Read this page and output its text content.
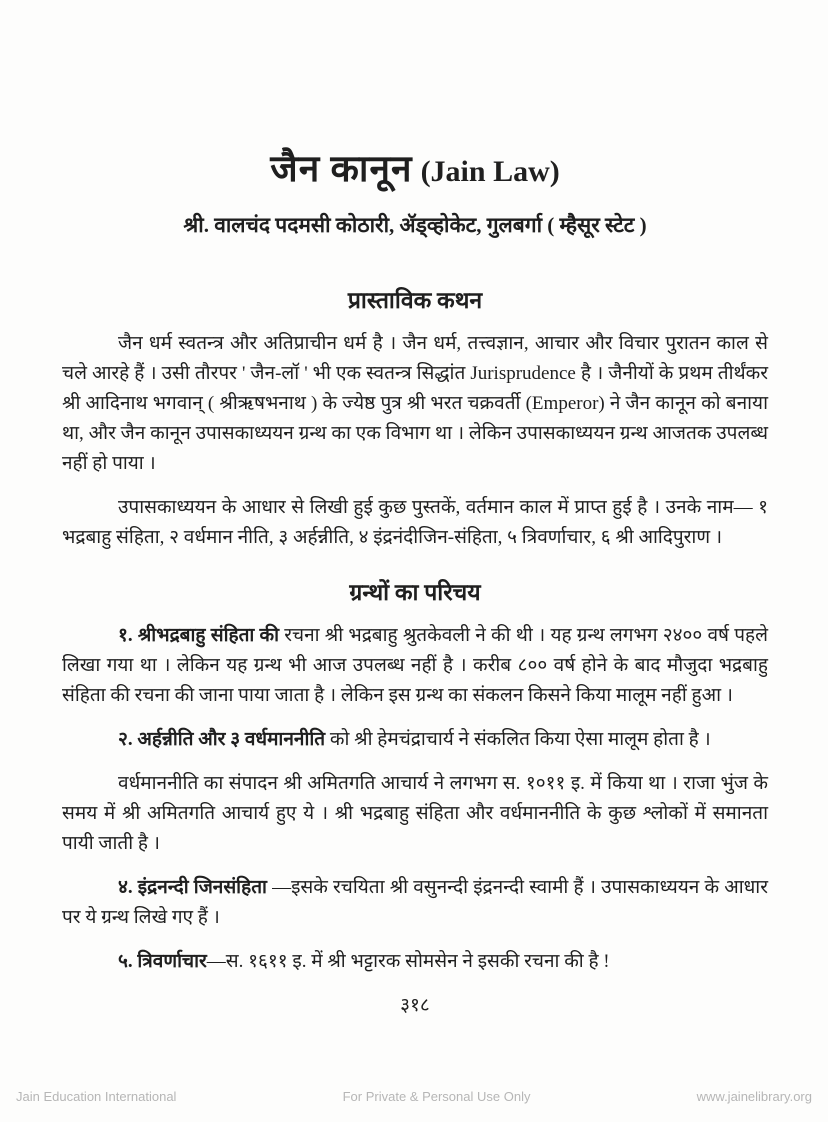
जैन कानून (Jain Law)
श्री. वालचंद पदमसी कोठारी, ॲड्व्होकेट, गुलबर्गा ( म्हैसूर स्टेट )
प्रास्ताविक कथन

जैन धर्म स्वतन्त्र और अतिप्राचीन धर्म है । जैन धर्म, तत्त्वज्ञान, आचार और विचार पुरातन काल से चले आरहे हैं । उसी तौरपर ' जैन-लॉ ' भी एक स्वतन्त्र सिद्धांत Jurisprudence है । जैनीयों के प्रथम तीर्थंकर श्री आदिनाथ भगवान् ( श्रीऋषभनाथ ) के ज्येष्ठ पुत्र श्री भरत चक्रवर्ती (Emperor) ने जैन कानून को बनाया था, और जैन कानून उपासकाध्ययन ग्रन्थ का एक विभाग था । लेकिन उपासकाध्ययन ग्रन्थ आजतक उपलब्ध नहीं हो पाया ।

उपासकाध्ययन के आधार से लिखी हुई कुछ पुस्तकें, वर्तमान काल में प्राप्त हुई है । उनके नाम— १ भद्रबाहु संहिता, २ वर्धमान नीति, ३ अर्हन्नीति, ४ इंद्रनंदीजिन-संहिता, ५ त्रिवर्णाचार, ६ श्री आदिपुराण ।

ग्रन्थों का परिचय

१. श्रीभद्रबाहु संहिता की रचना श्री भद्रबाहु श्रुतकेवली ने की थी । यह ग्रन्थ लगभग २४०० वर्ष पहले लिखा गया था । लेकिन यह ग्रन्थ भी आज उपलब्ध नहीं है । करीब ८०० वर्ष होने के बाद मौजुदा भद्रबाहु संहिता की रचना की जाना पाया जाता है । लेकिन इस ग्रन्थ का संकलन किसने किया मालूम नहीं हुआ ।

२. अर्हन्नीति और ३ वर्धमाननीति को श्री हेमचंद्राचार्य ने संकलित किया ऐसा मालूम होता है ।

वर्धमाननीति का संपादन श्री अमितगति आचार्य ने लगभग स. १०११ इ. में किया था । राजा भुंज के समय में श्री अमितगति आचार्य हुए ये । श्री भद्रबाहु संहिता और वर्धमाननीति के कुछ श्लोकों में समानता पायी जाती है ।

४. इंद्रनन्दी जिनसंहिता —इसके रचयिता श्री वसुनन्दी इंद्रनन्दी स्वामी हैं । उपासकाध्ययन के आधार पर ये ग्रन्थ लिखे गए हैं ।

५. त्रिवर्णाचार—स. १६११ इ. में श्री भट्टारक सोमसेन ने इसकी रचना की है !

३१८
Jain Education International	For Private & Personal Use Only	www.jainelibrary.org
